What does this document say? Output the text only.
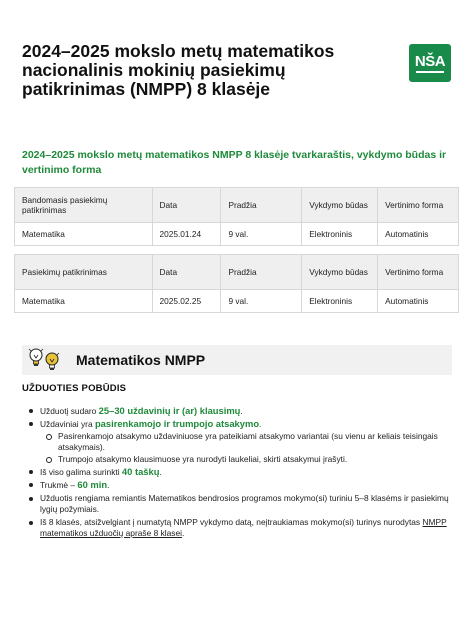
2024–2025 mokslo metų matematikos nacionalinis mokinių pasiekimų patikrinimas (NMPP) 8 klasėje
NŠA
2024–2025 mokslo metų matematikos NMPP 8 klasėje tvarkaraštis, vykdymo būdas ir vertinimo forma
Bandomasis pasiekimų patikrinimas	Data	Pradžia	Vykdymo būdas	Vertinimo forma
Matematika	2025.01.24	9 val.	Elektroninis	Automatinis
Pasiekimų patikrinimas	Data	Pradžia	Vykdymo būdas	Vertinimo forma
Matematika	2025.02.25	9 val.	Elektroninis	Automatinis
Matematikos NMPP
UŽDUOTIES POBŪDIS
Užduotį sudaro 25–30 uždavinių ir (ar) klausimų.
Uždaviniai yra pasirenkamojo ir trumpojo atsakymo.
Pasirenkamojo atsakymo uždaviniuose yra pateikiami atsakymo variantai (su vienu ar keliais teisingais atsakymais).
Trumpojo atsakymo klausimuose yra nurodyti laukeliai, skirti atsakymui įrašyti.
Iš viso galima surinkti 40 taškų.
Trukmė – 60 min.
Užduotis rengiama remiantis Matematikos bendrosios programos mokymo(si) turiniu 5–8 klasėms ir pasiekimų lygių požymiais.
Iš 8 klasės, atsižvelgiant į numatytą NMPP vykdymo datą, neįtraukiamas mokymo(si) turinys nurodytas NMPP matematikos užduočių apraše 8 klasei.
